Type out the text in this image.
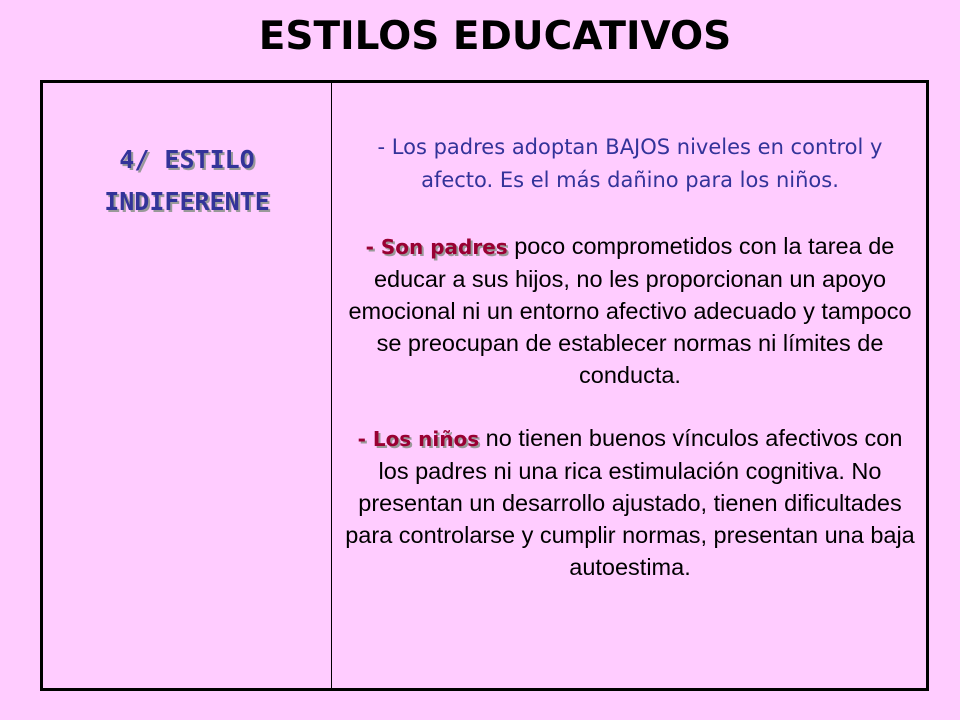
ESTILOS EDUCATIVOS

4/ ESTILO

INDIFERENTE

- Los padres adoptan BAJOS niveles en control y afecto. Es el más dañino para los niños.

- Son padres poco comprometidos con la tarea de educar a sus hijos, no les proporcionan un apoyo emocional ni un entorno afectivo adecuado y tampoco se preocupan de establecer normas ni límites de conducta.

- Los niños no tienen buenos vínculos afectivos con los padres ni una rica estimulación cognitiva. No presentan un desarrollo ajustado, tienen dificultades para controlarse y cumplir normas, presentan una baja autoestima.
